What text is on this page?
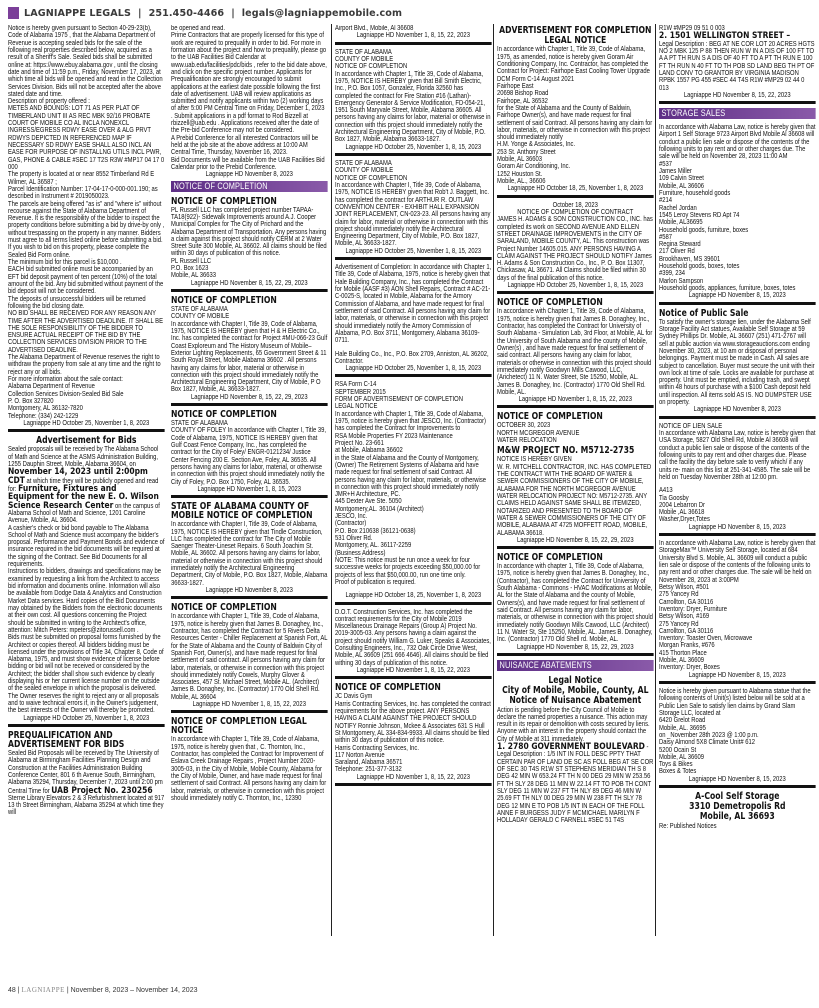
LAGNIAPPE LEGALS | 251.450-4466 | legals@lagniappemobile.com
Notice is hereby given pursuant to Section 40-29-23(b), Code of Alabama 1975 , that the Alabama Department of Revenue is accepting sealed bids for the sale of the following real properties described below, acquired as a result of a Sheriff's Sale. Sealed bids shall be submitted online at: https://www.ebuy.alabama.gov , until the closing date and time of 11:59 p.m., Friday, November 17, 2023, at which time all bids will be opened and read in the Collection Services Division. Bids will not be accepted after the above stated date and time.
Description of property offered :
METES AND BOUNDS: LOT 71 AS PER PLAT OF TIMBERLAND UNIT III AS REC MBK 92/16 PROBATE COURT OF MOBILE CO AL INCLA NONEXCL INGRESS/EGRESS RDWY EASE OVER & ALG PRVT RDWYS DEPICTED IN REFERENCED MAP IF NECESSARY SD RDWY EASE SHALL ALSO INCL AN EASE FOR PURPOSE OF INSTALLNG UTILS INCL PWR, GAS, PHONE & CABLE #SEC 17 T2S R3W #MP17 04 17 0 000
The property is located at or near 8552 Timberland Rd E Wilmer, AL 36587 ;
Parcel Identification Number: 17-04-17-0-000-001.190; as described in Instrument # 2019050023.
The parcels are being offered "as is" and "where is" without recourse against the State of Alabama Department of Revenue. It is the responsibility of the bidder to inspect the property conditions before submitting a bid by drive-by only , without trespassing on the property in any manner. Bidders must agree to all terms listed online before submitting a bid. If you wish to bid on this property, please complete the Sealed Bid Form online.
The minimum bid for this parcel is $10,000 .
EACH bid submitted online must be accompanied by an EFT bid deposit payment of ten percent (10%) of the total amount of the bid. Any bid submitted without payment of the bid deposit will not be considered.
The deposits of unsuccessful bidders will be returned following the bid closing date.
NO BID SHALL BE RECEIVED FOR ANY REASON ANY TIME AFTER THE ADVERTISED DEADLINE. IT SHALL BE THE SOLE RESPONSIBILITY OF THE BIDDER TO ENSURE ACTUAL RECEIPT OF THE BID BY THE COLLECTION SERVICES DIVISION PRIOR TO THE ADVERTISED DEADLINE.
The Alabama Department of Revenue reserves the right to withdraw the property from sale at any time and the right to reject any or all bids.
For more information about the sale contact:
Alabama Department of Revenue
Collection Services Division-Sealed Bid Sale
P. O. Box 327820
Montgomery, AL 36132-7820
Telephone: (334) 242-1229
Lagniappe HD October 25, November 1, 8, 2023
Advertisement for Bids
Sealed proposals will be received by The Alabama School of Math and Science at the ASMS Administration Building, 1255 Dauphin Street, Mobile, Alabama 36604, on November 14, 2023 until 2:00pm CDT at which time they will be publicly opened and read for: Furniture, Fixtures and Equipment for the new E. O. Wilson Science Research Center on the campus of Alabama School of Math and Science, 1201 Caroline Avenue, Mobile, AL 36604.
A cashier's check or bid bond payable to The Alabama School of Math and Science must accompany the bidder's proposal. Performance and Payment Bonds and evidence of insurance required in the bid documents will be required at the signing of the Contract. See Bid Documents for all requirements.
Instructions to bidders, drawings and specifications may be examined by requesting a link from the Architect to access bid information and documents online. Information will also be available from Dodge Data & Analytics and Construction Market Data services. Hard copies of the Bid Documents may obtained by the Bidders from the electronic documents at their own cost. All questions concerning the Project should be submitted in writing to the Architect's office, attention: Mitch Peters: mpeters@zitorussell.com .
Bids must be submitted on proposal forms furnished by the Architect or copies thereof. All bidders bidding must be licensed under the provisions of Title 34, Chapter 8, Code of Alabama, 1975, and must show evidence of license before bidding or bid will not be received or considered by the Architect; the bidder shall show such evidence by clearly displaying his or her current license number on the outside of the sealed envelope in which the proposal is delivered. The Owner reserves the right to reject any or all proposals and to waive technical errors if, in the Owner's judgement, the best interests of the Owner will thereby be promoted.
Lagniappe HD October 25, November 1, 8, 2023
PREQUALIFICATION AND ADVERTISEMENT FOR BIDS
Sealed Bid Proposals will be received by The University of Alabama at Birmingham Facilities Planning Design and Construction at the Facilities Administration Building Conference Center, 801 6 th Avenue South, Birmingham, Alabama 35294, Thursday, December 7, 2023 until 2:00 pm Central Time for UAB Project No. 230256 Sterne Library Elevators 2 & 3 Refurbishment located at 917 13 th Street Birmingham, Alabama 35294 at which time they will
be opened and read.
Prime Contractors that are properly licensed for this type of work are required to prequalify in order to bid. For more in formation about the project and how to prequalify, please go to the UAB Facilities Bid Calendar at www.uab.edu/facilities/pdc/bids , refer to the bid date above, and click on the specific project number. Applicants for Prequalification are strongly encouraged to submit applications at the earliest date possible following the first date of advertisement. UAB will review applications as submitted and notify applicants within two (2) working days of after 5:00 PM Central Time on Friday, December 1, 2023 . Submit applications in a pdf format to Rod Bizzell at rbizzell@uab.edu . Applications received after the date of the Pre-bid Conference may not be considered.
A Prebid Conference for all interested Contractors will be held at the job site at the above address at 10:00 AM Central Time, Thursday, November 16, 2023.
Bid Documents will be available from the UAB Facilities Bid Calendar prior to the Prebid Conference.
Lagniappe HD November 8, 2023
NOTICE OF COMPLETION
NOTICE OF COMPLETION
PL Russell LLC has completed project number TAPAA-TA18(922)- Sidewalk Improvements around A.J. Cooper Municipal Complex for The City of Prichard and the Alabama Department of Transportation. Any persons having a claim against this project should notify CERM at 2 Water Street Suite 300 Mobile, AL 36602. All claims should be filed within 30 days of publication of this notice.
PL Russell LLC
P.O. Box 1623
Mobile, AL 36633
Lagniappe HD November 8, 15, 22, 29, 2023
NOTICE OF COMPLETION
STATE OF ALABAMA
COUNTY OF MOBILE
In accordance with Chapter I, Title 39, Code of Alabama, 1975, NOTICE IS HEREBY given that H & H Electric Co., Inc. has completed the contract for Project #MU-066-23 Gulf Coast Exploreum and The History Museum of Mobile–Exterior Lighting Replacements, 65 Government Street & 11 South Royal Street, Mobile Alabama 36602 . All persons having any claims for labor, material or otherwise in connection with this project should immediately notify the Architectural Engineering Department, City of Mobile, P O Box 1827, Mobile, AL 36633-1827.
Lagniappe HD November 8, 15, 22, 29, 2023
NOTICE OF COMPLETION
STATE OF ALABAMA
COUNTY OF FOLEY In accordance with Chapter I, Title 39, Code of Alabama, 1975, NOTICE IS HEREBY given that Gulf Coast Fence Company, Inc., has completed the contract for the City of Foley/ ENGR-0121234/ Justice Center Fencing 200 E. Section Ave, Foley, AL 36535. All persons having any claims for labor, material, or otherwise in connection with this project should immediately notify the City of Foley, P.O. Box 1750, Foley, AL 36535.
Lagniappe HD November 1, 8, 15, 2023
STATE OF ALABAMA COUNTY OF MOBILE NOTICE OF COMPLETION
In accordance with Chapter I, Title 39, Code of Alabama, 1975, NOTICE IS HEREBY given that Tindle Construction, LLC has completed the contract for The City of Mobile Saenger Theater-Lineset Repairs. 6 South Joachim St. Mobile, AL 36602. All persons having any claims for labor, material or otherwise in connection with this project should immediately notify the Architectural Engineering Department, City of Mobile, P.O. Box 1827, Mobile, Alabama 36633-1827.
Lagniappe HD November 8, 2023
NOTICE OF COMPLETION
In accordance with Chapter 1, Title 39, Code of Alabama, 1975, notice is hereby given that James B. Donaghey, Inc., Contractor, has completed the Contract for 5 Rivers Delta Resources Center - Chiller Replacement at Spanish Fort, AL for the State of Alabama and the County of Baldwin City of Spanish Fort, Owner(s), and have made request for final settlement of said contract. All persons having any claim for labor, materials, or otherwise in connection with this project should immediately notify Cowels, Murphy Glover & Associates, 457 St. Michael Street, Mobile AL. (Architect) James B. Donaghey, Inc. (Contractor) 1770 Old Shell Rd. Mobile, AL 36604
Lagniappe HD November 1, 8, 15, 22, 2023
NOTICE OF COMPLETION LEGAL NOTICE
In accordance with Chapter 1, Title 39, Code of Alabama, 1975, notice is hereby given that , C. Thornton, Inc., Contractor, has completed the Contract for Improvement of Eslava Creek Drainage Repairs , Project Number 2020-3005-03, in the City of Mobile, Mobile County, Alabama for the City of Mobile, Owner, and have made request for final settlement of said Contract. All persons having any claim for labor, materials, or otherwise in connection with this project should immediately notify C. Thornton, Inc., 12390
Airport Blvd., Mobile, Al 36608
Lagniappe HD November 1, 8, 15, 22, 2023
STATE OF ALABAMA
COUNTY OF MOBILE
NOTICE OF COMPLETION
In accordance with Chapter 1, Title 39, Code of Alabama, 1975, NOTICE IS HEREBY given that Bill Smith Electric, Inc., P.O. Box 1057, Gonzalez, Florida 32560 has completed the contract for Fire Station #16 (Lathan)-Emergency Generator & Service Modification, FD-054-21, 1951 South Maryvale Street, Mobile, Alabama 36605. All persons having any claims for labor, material or otherwise in connection with this project should immediately notify the Architectural Engineering Department, City of Mobile, P.O. Box 1827, Mobile, Alabama 36633-1827.
Lagniappe HD October 25, November 1, 8, 15, 2023
STATE OF ALABAMA
COUNTY OF MOBILE
NOTICE OF COMPLETION
In accordance with Chapter I, Title 39, Code of Alabama, 1975, NOTICE IS HEREBY given that Rob't J. Baggett, Inc. has completed the contract for ARTHUR R. OUTLAW CONVENTION CENTER - EXHIBIT HALL EXPANSION JOINT REPLACEMENT, CN-023-23. All persons having any claim for labor, material or otherwise in connection with this project should immediately notify the Architectural Engineering Department, City of Mobile, P.O. Box 1827, Mobile, AL 36633-1827.
Lagniappe HD October 25, November 1, 8, 15, 2023
Advertisement of Completion: In accordance with Chapter 1, Title 39, Code of Alabama, 1975, notice is hereby given that Hale Building Company, Inc., has completed the Contract for Mobile (AASF #3) AON Shell Repairs, Contract # AC-21-C-0025-S, located in Mobile, Alabama for the Armory Commission of Alabama, and have made request for final settlement of said Contract. All persons having any claim for labor, materials, or otherwise in connection with this project should immediately notify the Armory Commission of Alabama, P.O. Box 3711, Montgomery, Alabama 36109-0711.
Hale Building Co., Inc., P.O. Box 2709, Anniston, AL 36202, Contractor.
Lagniappe HD October 25, November 1, 8, 15, 2023
RSA Form C-14
SEPTEMBER 2015
FORM OF ADVERTISEMENT OF COMPLETION
LEGAL NOTICE
In accordance with Chapter 1, Title 39, Code of Alabama, 1975, notice is hereby given that JESCO, Inc. (Contractor) has completed the Contract for Improvements to
RSA Mobile Properties FY 2023 Maintenance
Project No. 23-661
at Mobile, Alabama 36602
in the State of Alabama and the County of Montgomery, (Owner) The Retirement Systems of Alabama and have made request for final settlement of said Contract. All persons having any claim for labor, materials, or otherwise in connection with this project should immediately notify
JMR+H Architecture, PC.
445 Dexter Ave Ste. 5050
Montgomery,AL. 36104 (Architect)
JESCO, Inc.
(Contractor)
P.O. Box 210638 (36121-0638)
531 Oliver Rd.
Montgomery, AL. 36117-2259
(Business Address)
NOTE: This notice must be run once a week for four successive weeks for projects exceeding $50,000.00 for projects of less that $50,000.00, run one time only.
Proof of publication is required.
Lagniappe HD October 18, 25, November 1, 8, 2023
D.O.T. Construction Services, Inc. has completed the contract requirements for the City of Mobile 2019 Miscellaneous Drainage Repairs (Group A) Project No. 2019-3005-03. Any persons having a claim against the project should notify William G. Luker, Speaks & Associates, Consulting Engineers, Inc., 732 Oak Circle Drive West, Mobile, AL 36609 (251 666 4646). All claims should be filed withing 30 days of publication of this notice.
Lagniappe HD November 1, 8, 15, 22, 2023
NOTICE OF COMPLETION
JC Davis Gym
Harris Contracting Services, Inc. has completed the contract requirements for the above project. ANY PERSONS HAVING A CLAIM AGAINST THE PROJECT SHOULD NOTIFY Ronnie Johnson, Mckee & Associates 631 S Hull St Montgomery, AL 334-834-9933. All claims should be filed within 30 days of publication of this notice.
Harris Contracting Services, Inc.
117 Norton Avenue
Saraland, Alabama 36571
Telephone: 251-377-3132
Lagniappe HD November 1, 8, 15, 22, 2023
ADVERTISEMENT FOR COMPLETION
LEGAL NOTICE
In accordance with Chapter 1, Title 39, Code of Alabama, 1975, as amended, notice is hereby given Goram Air Conditioning Company, Inc. Contractor, has completed the Contract for Project: Fairhope East Cooling Tower Upgrade
DCM Form C-14 August 2021
Fairhope East
20698 Bishop Road
Fairhope, AL 36532
for the State of Alabama and the County of Baldwin, Fairhope Owner(s), and have made request for final settlement of said Contract. All persons having any claim for labor, materials, or otherwise in connection with this project should immediately notify
H.M. Yonge & Associates, Inc.
253 St. Anthony Street
Mobile, AL 36603
Goram Air Conditioning, Inc.
1252 Houston St.
Mobile, AL., 36606
Lagniappe HD October 18, 25, November 1, 8, 2023
October 18, 2023
NOTICE OF COMPLETION OF CONTRACT
JAMES H. ADAMS & SON CONSTRUCTION CO., INC. has completed its work on SECOND AVENUE AND ELLEN STREET DRAINAGE IMPROVEMENTS in the CITY OF SARALAND, MOBILE COUNTY, AL. This construction was Project Number 14605.015. ANY PERSONS HAVING A CLAIM AGAINST THE PROJECT SHOULD NOTIFY James H. Adams & Son Construction Co., Inc., P. O. Box 11307, Chickasaw, AL 36671. All Claims should be filed within 30 days of the final publication of this notice.
Lagniappe HD October 25, November 1, 8, 15, 2023
NOTICE OF COMPLETION
In accordance with Chapter 1, Title 39, Code of Alabama, 1975, notice is hereby given that James B. Donaghey, Inc., Contractor, has completed the Contract for University of South Alabama - Simulation Lab, 3rd Floor, at Mobile, AL for the University of South Alabama and the county of Mobile, Owner(s) , and have made request for final settlement of said contract. All persons having any claim for labor, materials or otherwise in connection with this project should immediately notify Goodwyn Mills Cawood, LLC, (Arichetect) 11 N. Water Street, Ste 15250, Mobile, AL. James B. Donaghey, Inc. (Contractor) 1770 Old Shell Rd. Mobile, AL.
Lagniappe HD November 1, 8, 15, 22, 2023
NOTICE OF COMPLETION
OCTOBER 30, 2023
NORTH MCGREGOR AVENUE
WATER RELOCATION
M&W PROJECT NO. M5712-2735
NOTICE IS HEREBY GIVEN
W. R. MITCHELL CONTRACTOR, INC. HAS COMPLETED THE CONTRACT WITH THE BOARD OF WATER & SEWER COMMISSIONERS OF THE CITY OF MOBILE, ALABAMA FOR THE NORTH MCGREGOR AVENUE WATER RELOCATION PROJECT NO: M5712-2735. ANY CLAIMS HELD AGAINST SAME SHALL BE ITEMIZED, NOTARIZED AND PRESENTED TO TH BOARD OF WATER & SEWER COMMISSIONERS OF THE CITY OF MOBILE, ALABAMA AT 4725 MOFFETT ROAD, MOBILE, ALABAMA 36618.
Lagniappe HD November 8, 15, 22, 29, 2023
NOTICE OF COMPLETION
In accordance with chapter 1, Title 39, Code of Alabama, 1975, notice is hereby given that James B. Donaghey, Inc., (Contractor), has completed the Contract for University of South Alabama - Commons - HVAC Modifications at Mobile, AL for the State of Alabama and the county of Mobile, Owners(s), and have made request for final settlement of said Contract. All persons having any claim for labor, materials, or otherwise in connection with this project should immediately notify Goodwyn Mills Cawood, LLC (Architect) 11 N. Water St, Ste 15250, Mobile, AL. James B. Donaghey, Inc. (Contractor) 1770 Old Shell rd. Mobile, AL.
Lagniappe HD November 8, 15, 22, 29, 2023
NUISANCE ABATEMENTS
Legal Notice
City of Mobile, Mobile, County, AL
Notice of Nuisance Abatement
Action is pending before the City Council of Mobile to declare the named properties a nuisance. This action may result in its repair or demolition with costs secured by liens. Anyone with an interest in the property should contact the City of Mobile at 311 immediately.
1. 2780 GOVERNMENT BOULEVARD - Legal Description : 1/5 INT IN FOLL DESC PPTY THAT CERTAIN PAR OF LAND DE SC AS FOLL BEG AT SE COR OF SEC 30 T4S R1W ST STEPHENS MERIDIAN TH S 8 DEG 42 MIN W 653.24 FT TH N 00 DEG 29 MIN W 253.56 FT TH SLY 28 DEG 11 MIN W 22.14 FT TO POB TH CONT SLY DEG 11 MIN W 237 FT TH NLY 89 DEG 46 MIN W 25.69 FT TH NLY 00 DEG 29 MIN W 238 FT TH SLY 78 DEG 12 MIN E TO POB 1/5 INT IN EACH OF THE FOLL ANNE F BURGESS JUDY F MCMICHAEL MARILYN F HOLLADAY GERALD C FARNELL #SEC 51 T4S
R1W #MP29 09 51 0 003
2. 1501 WELLINGTON STREET –
Legal Description : BEG AT NE COR LOT 20 ACRES HGTS NO 2 MBK 125 P 88 THEN RUN W IN A DIS OF 100 FT TO A A PT TH RUN S A DIS OF 40 FT TO A PT TH RUN E 100 FT TH RUN N 40 FT TO TH POB SD LAND BEG TH PT OF LAND CONV TO GRANTOR BY VIRGINIA MADISON RPBK 1557 PG 455 #SEC 44 T4S R1W #MP29 02 44 0 013
Lagniappe HD November 8, 15, 22, 2023
STORAGE SALES
In accordance with Alabama Law, notice is hereby given that Airport 1 Self Storage 9723 Airport Blvd Mobile Al 36608 will conduct a public lien sale or dispose of the contents of the following units to pay rent and or other charges due. The sale will be held on November 28, 2023 11:00 AM
#537
James Miller
109 Calvin Street
Mobile, AL 36606
Furniture, household goods
#214
Rachel Jordan
1545 Leroy Stevens RD Apt 74
Mobile, AL36695
Household goods, furniture, boxes
#587
Regina Steward
217 Oliver Rd
Brookhaven, MS 39601
Household goods, boxes, totes
#399, 234
Marlon Sampson
Household goods, appliances, furniture, boxes, totes
Lagniappe HD November 8, 15, 2023
Notice of Public Sale
To satisfy the owner's storage lien, under the Alabama Self Storage Facility Act statues, Available Self Storage at 59 Sydney Phillips Dr. Mobile, AL 36607 (251) 471-2767 will sell at public auction via www.storageauctions.com ending November 30, 2023, at 10 am or disposal of personal belongings. Payment must be made in Cash. All sales are subject to cancellation. Buyer must secure the unit with their own lock at time of sale. Locks are available for purchase at property. Unit must be emptied, including trash, and swept within 48 hours of purchase with a $100 Cash deposit held until inspection. All items sold AS IS. NO DUMPSTER USE on property.
Lagniappe HD November 8, 2023
NOTICE OF LIEN SALE
In accordance with Alabama Law, notice is hereby given that USA Storage, 5827 Old Shell Rd, Mobile Al 36608 will conduct a public lien sale or dispose of the contents of the following units to pay rent and other charges due. Please call the facility the day before sale to verify which/ if any units re- main on this list at 251-341-4585. The sale will be held on Tuesday November 28th at 12:00 pm.
A413
Tia Goosby
2004 Lebarron Dr
Mobile ,AL 36618
Washer,Dryer,Totes
Lagniappe HD November 8, 15, 2023
In accordance with Alabama Law, notice is hereby given that StorageMax™ University Self Storage, located at 684 University Blvd S. Mobile, AL. 36609 will conduct a public lien sale or dispose of the contents of the following units to pay rent and or other charges due. The sale will be held on November 28, 2023 at 3:00PM
Betsy Wilson, #501
275 Yancey Rd
Carrollton, GA 30116
Inventory: Dryer, Furniture
Betsy Wilson, #169
275 Yancey Rd
Carrollton, GA 30116
Inventory: Toaster Oven, Microwave
Morgan Franks, #676
415 Thorton Place
Mobile, AL 36609
Inventory: Dryer, Boxes
Lagniappe HD November 8, 15, 2023
Notice is hereby given pursuant to Alabama statue that the following contents of Unit(s) listed below will be sold at a Public Lien Sale to satisfy lien claims by Grand Slam Storage LLC, located at
6420 Grelot Road
Mobile, AL. 36695
on _November 28th 2023 @ 1:00 p.m.
Daisy Almond 5X8 Climate Unit# 612
5200 Ocain St
Mobile, AL 36609
Toys & Bikes
Boxes & Totes
Lagniappe HD November 8, 15, 2023
A-Cool Self Storage
3310 Demetropolis Rd
Mobile, AL 36693
Re: Published Notices
48 | LAGNIAPPE | November 8, 2023 – November 14, 2023
